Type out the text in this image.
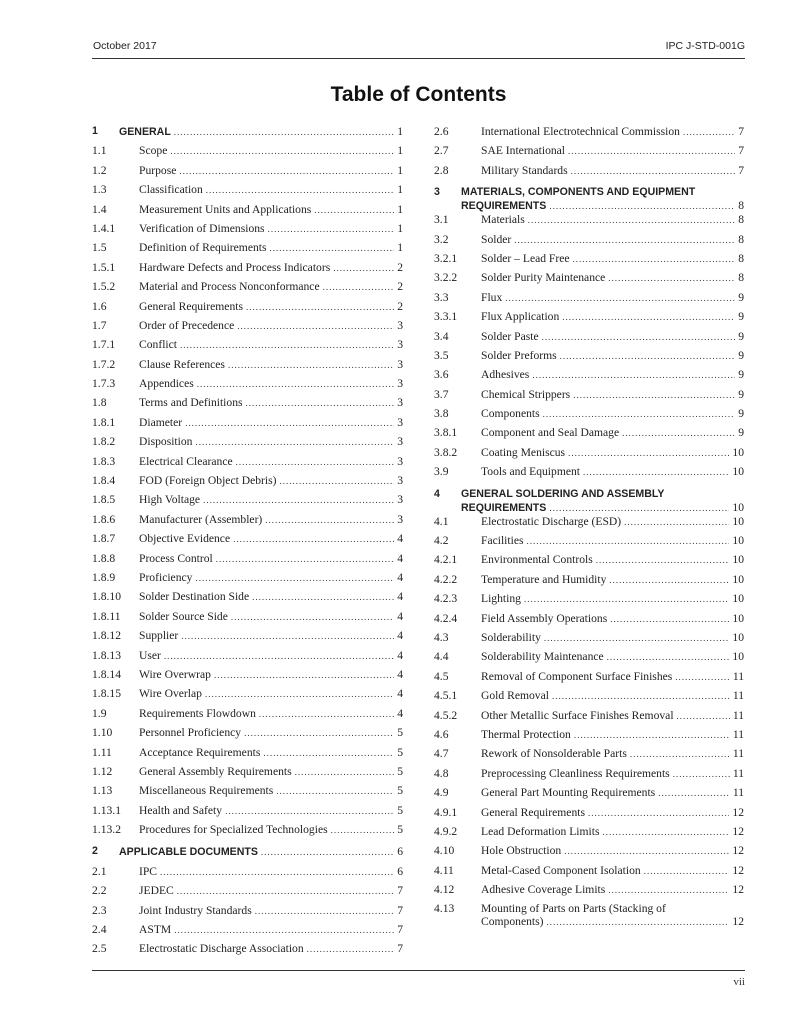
October 2017	IPC J-STD-001G
Table of Contents
1 GENERAL .....	1
1.1	Scope .....	1
1.2	Purpose .....	1
1.3	Classification .....	1
1.4	Measurement Units and Applications .....	1
1.4.1 Verification of Dimensions .....	1
1.5	Definition of Requirements .....	1
1.5.1 Hardware Defects and Process Indicators .....	2
1.5.2 Material and Process Nonconformance .....	2
1.6	General Requirements .....	2
1.7	Order of Precedence .....	3
1.7.1 Conflict .....	3
1.7.2 Clause References .....	3
1.7.3 Appendices .....	3
1.8	Terms and Definitions .....	3
1.8.1 Diameter .....	3
1.8.2 Disposition .....	3
1.8.3 Electrical Clearance .....	3
1.8.4 FOD (Foreign Object Debris) .....	3
1.8.5 High Voltage .....	3
1.8.6 Manufacturer (Assembler) .....	3
1.8.7 Objective Evidence .....	4
1.8.8 Process Control .....	4
1.8.9 Proficiency .....	4
1.8.10 Solder Destination Side .....	4
1.8.11 Solder Source Side .....	4
1.8.12 Supplier .....	4
1.8.13 User .....	4
1.8.14 Wire Overwrap .....	4
1.8.15 Wire Overlap .....	4
1.9	Requirements Flowdown .....	4
1.10 Personnel Proficiency .....	5
1.11 Acceptance Requirements .....	5
1.12 General Assembly Requirements .....	5
1.13 Miscellaneous Requirements .....	5
1.13.1 Health and Safety .....	5
1.13.2 Procedures for Specialized Technologies .....	5
2 APPLICABLE DOCUMENTS .....	6
2.1	IPC .....	6
2.2	JEDEC .....	7
2.3	Joint Industry Standards .....	7
2.4	ASTM .....	7
2.5	Electrostatic Discharge Association .....	7
2.6	International Electrotechnical Commission .....	7
2.7	SAE International .....	7
2.8	Military Standards .....	7
3 MATERIALS, COMPONENTS AND EQUIPMENT
REQUIREMENTS .....	8
3.1	Materials .....	8
3.2	Solder .....	8
3.2.1 Solder – Lead Free .....	8
3.2.2 Solder Purity Maintenance .....	8
3.3	Flux .....	9
3.3.1 Flux Application .....	9
3.4	Solder Paste .....	9
3.5	Solder Preforms .....	9
3.6	Adhesives .....	9
3.7	Chemical Strippers .....	9
3.8	Components .....	9
3.8.1 Component and Seal Damage .....	9
3.8.2 Coating Meniscus .....	10
3.9	Tools and Equipment .....	10
4 GENERAL SOLDERING AND ASSEMBLY
REQUIREMENTS .....	10
4.1	Electrostatic Discharge (ESD) .....	10
4.2	Facilities .....	10
4.2.1 Environmental Controls .....	10
4.2.2 Temperature and Humidity .....	10
4.2.3 Lighting .....	10
4.2.4 Field Assembly Operations .....	10
4.3	Solderability .....	10
4.4	Solderability Maintenance .....	10
4.5	Removal of Component Surface Finishes .....	11
4.5.1 Gold Removal .....	11
4.5.2 Other Metallic Surface Finishes Removal .....	11
4.6	Thermal Protection .....	11
4.7	Rework of Nonsolderable Parts .....	11
4.8	Preprocessing Cleanliness Requirements .....	11
4.9	General Part Mounting Requirements .....	11
4.9.1 General Requirements .....	12
4.9.2 Lead Deformation Limits .....	12
4.10 Hole Obstruction .....	12
4.11 Metal-Cased Component Isolation .....	12
4.12 Adhesive Coverage Limits .....	12
4.13 Mounting of Parts on Parts (Stacking of
Components) .....	12
vii
